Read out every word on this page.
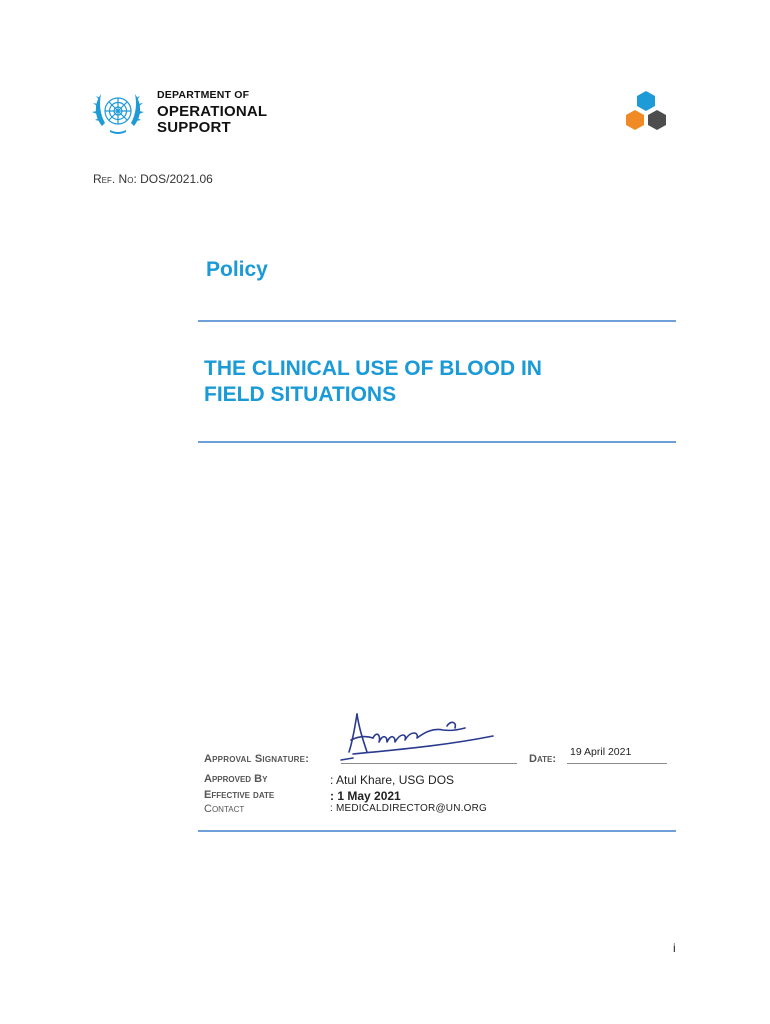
DEPARTMENT OF
OPERATIONAL
SUPPORT
Ref. No: DOS/2021.06
Policy
THE CLINICAL USE OF BLOOD IN
FIELD SITUATIONS
Approval Signature:	Date:
19 April 2021
Approved By	: Atul Khare, USG DOS
Effective date	: 1 May 2021
Contact	: MEDICALDIRECTOR@UN.ORG
i
